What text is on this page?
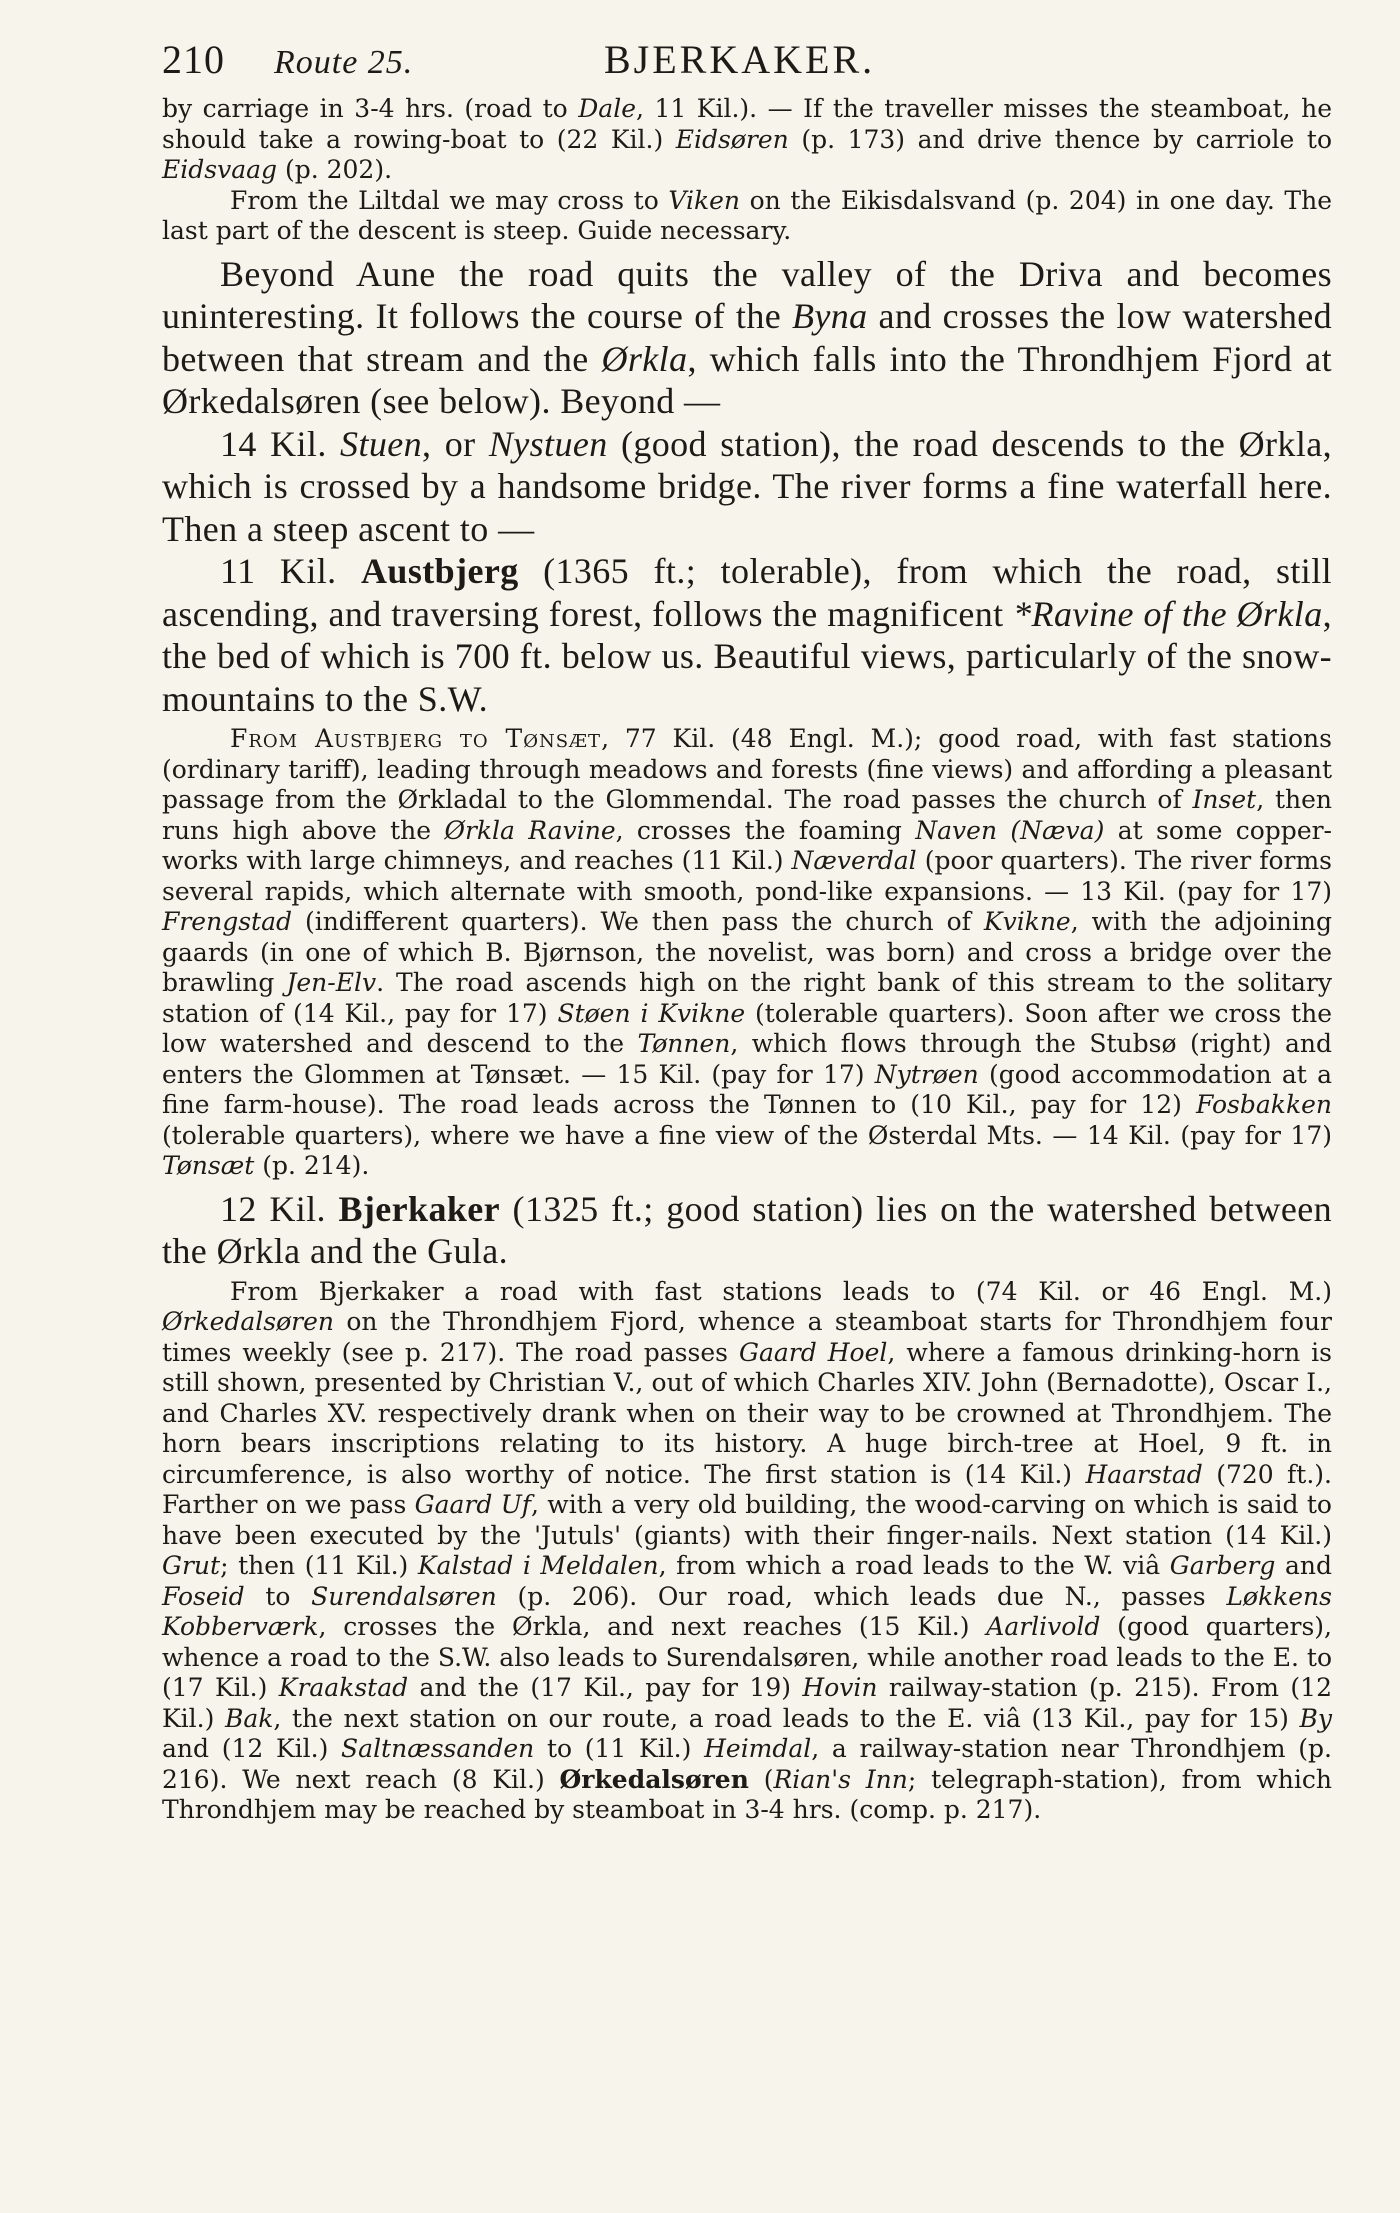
210	Route 25.	BJERKAKER.

by carriage in 3-4 hrs. (road to Dale, 11 Kil.). — If the traveller misses the steamboat, he should take a rowing-boat to (22 Kil.) Eidsøren (p. 173) and drive thence by carriole to Eidsvaag (p. 202).

From the Liltdal we may cross to Viken on the Eikisdalsvand (p. 204) in one day. The last part of the descent is steep. Guide necessary.

Beyond Aune the road quits the valley of the Driva and becomes uninteresting. It follows the course of the Byna and crosses the low watershed between that stream and the Ørkla, which falls into the Throndhjem Fjord at Ørkedalsøren (see below). Beyond —

14 Kil. Stuen, or Nystuen (good station), the road descends to the Ørkla, which is crossed by a handsome bridge. The river forms a fine waterfall here. Then a steep ascent to —

11 Kil. Austbjerg (1365 ft.; tolerable), from which the road, still ascending, and traversing forest, follows the magnificent *Ravine of the Ørkla, the bed of which is 700 ft. below us. Beautiful views, particularly of the snow-mountains to the S.W.

From Austbjerg to Tønsæt, 77 Kil. (48 Engl. M.); good road, with fast stations (ordinary tariff), leading through meadows and forests (fine views) and affording a pleasant passage from the Ørkladal to the Glommendal. The road passes the church of Inset, then runs high above the Ørkla Ravine, crosses the foaming Naven (Næva) at some copper-works with large chimneys, and reaches (11 Kil.) Næverdal (poor quarters). The river forms several rapids, which alternate with smooth, pond-like expansions. — 13 Kil. (pay for 17) Frengstad (indifferent quarters). We then pass the church of Kvikne, with the adjoining gaards (in one of which B. Bjørnson, the novelist, was born) and cross a bridge over the brawling Jen-Elv. The road ascends high on the right bank of this stream to the solitary station of (14 Kil., pay for 17) Støen i Kvikne (tolerable quarters). Soon after we cross the low watershed and descend to the Tønnen, which flows through the Stubsø (right) and enters the Glommen at Tønsæt. — 15 Kil. (pay for 17) Nytrøen (good accommodation at a fine farm-house). The road leads across the Tønnen to (10 Kil., pay for 12) Fosbakken (tolerable quarters), where we have a fine view of the Østerdal Mts. — 14 Kil. (pay for 17) Tønsæt (p. 214).

12 Kil. Bjerkaker (1325 ft.; good station) lies on the watershed between the Ørkla and the Gula.

From Bjerkaker a road with fast stations leads to (74 Kil. or 46 Engl. M.) Ørkedalsøren on the Throndhjem Fjord, whence a steamboat starts for Throndhjem four times weekly (see p. 217). The road passes Gaard Hoel, where a famous drinking-horn is still shown, presented by Christian V., out of which Charles XIV. John (Bernadotte), Oscar I., and Charles XV. respectively drank when on their way to be crowned at Throndhjem. The horn bears inscriptions relating to its history. A huge birch-tree at Hoel, 9 ft. in circumference, is also worthy of notice. The first station is (14 Kil.) Haarstad (720 ft.). Farther on we pass Gaard Uf, with a very old building, the wood-carving on which is said to have been executed by the 'Jutuls' (giants) with their finger-nails. Next station (14 Kil.) Grut; then (11 Kil.) Kalstad i Meldalen, from which a road leads to the W. viâ Garberg and Foseid to Surendalsøren (p. 206). Our road, which leads due N., passes Løkkens Kobberværk, crosses the Ørkla, and next reaches (15 Kil.) Aarlivold (good quarters), whence a road to the S.W. also leads to Surendalsøren, while another road leads to the E. to (17 Kil.) Kraakstad and the (17 Kil., pay for 19) Hovin railway-station (p. 215). From (12 Kil.) Bak, the next station on our route, a road leads to the E. viâ (13 Kil., pay for 15) By and (12 Kil.) Saltnæssanden to (11 Kil.) Heimdal, a railway-station near Throndhjem (p. 216). We next reach (8 Kil.) Ørkedalsøren (Rian's Inn; telegraph-station), from which Throndhjem may be reached by steamboat in 3-4 hrs. (comp. p. 217).
